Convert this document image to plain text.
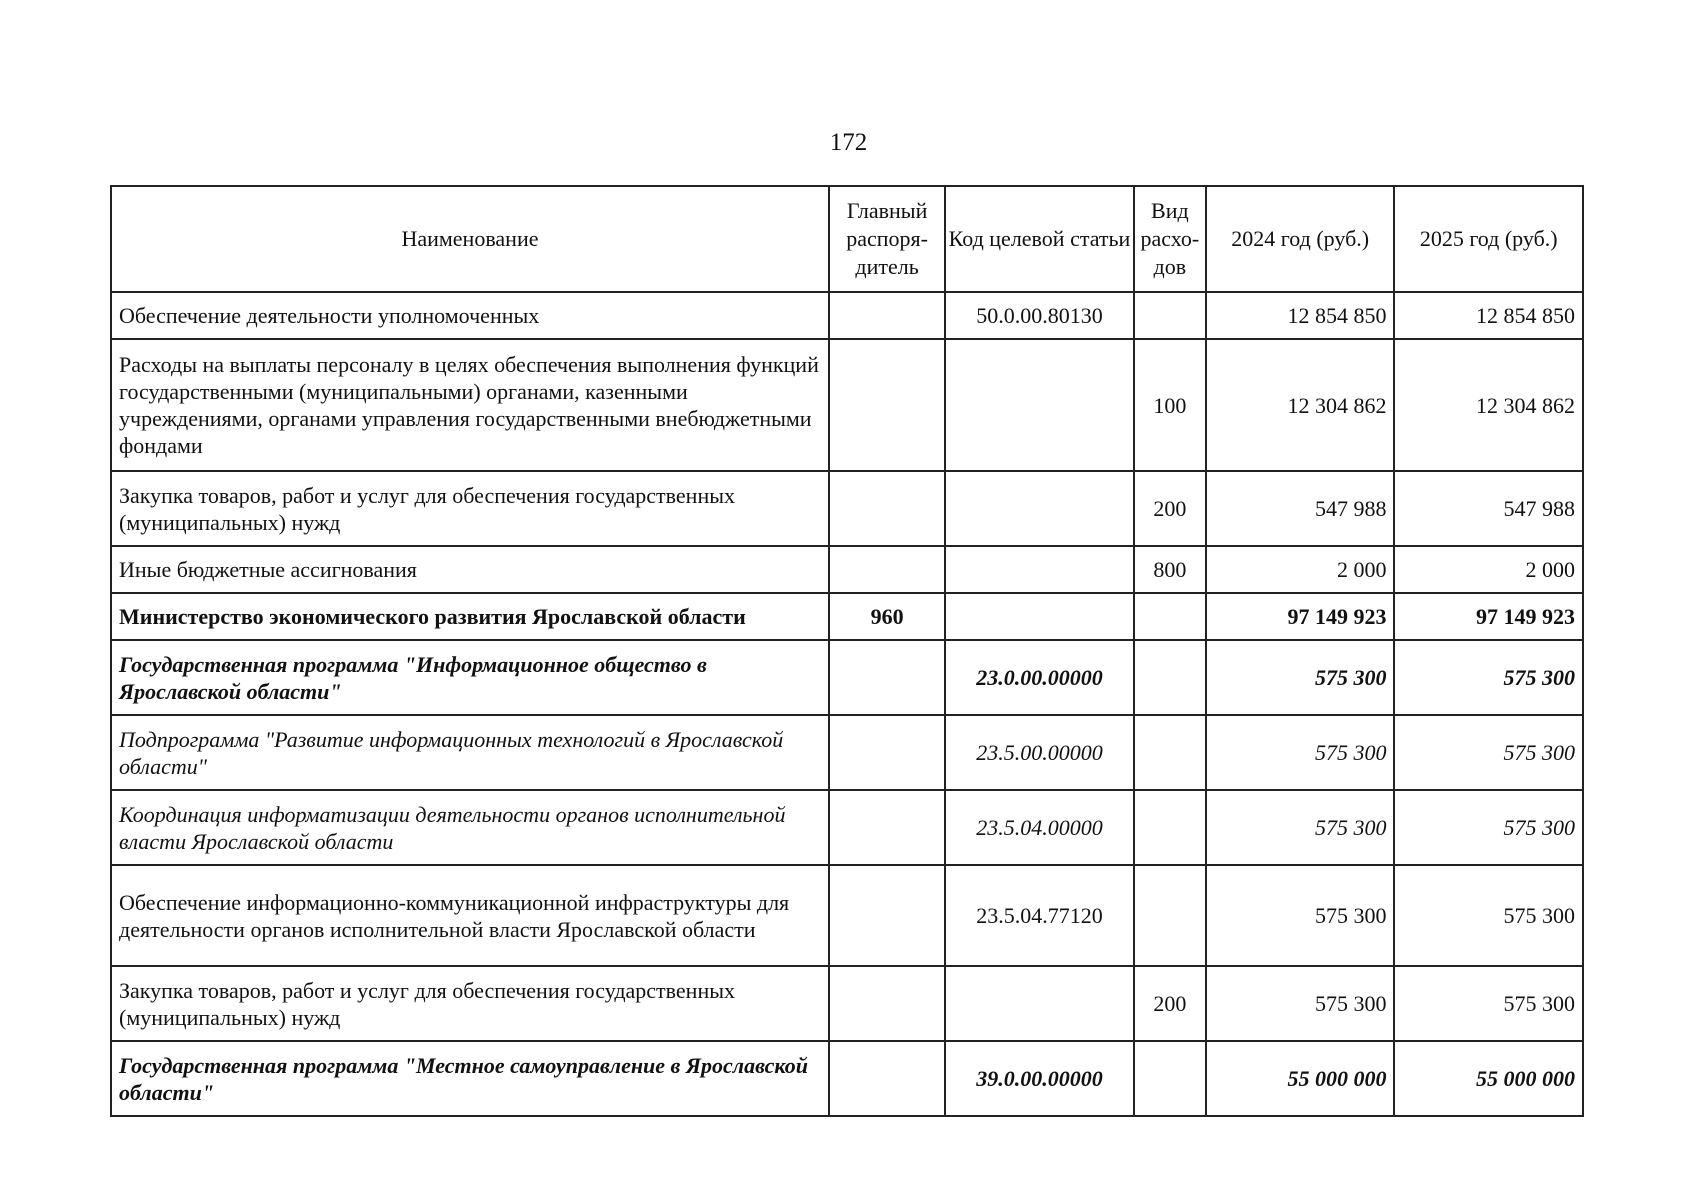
172
Наименование	Главный распоря-дитель	Код целевой статьи	Вид расхо-дов	2024 год (руб.)	2025 год (руб.)
Обеспечение деятельности уполномоченных		50.0.00.80130		12 854 850	12 854 850
Расходы на выплаты персоналу в целях обеспечения выполнения функций государственными (муниципальными) органами, казенными учреждениями, органами управления государственными внебюджетными фондами			100	12 304 862	12 304 862
Закупка товаров, работ и услуг для обеспечения государственных (муниципальных) нужд			200	547 988	547 988
Иные бюджетные ассигнования			800	2 000	2 000
Министерство экономического развития Ярославской области	960			97 149 923	97 149 923
Государственная программа "Информационное общество в Ярославской области"		23.0.00.00000		575 300	575 300
Подпрограмма "Развитие информационных технологий в Ярославской области"		23.5.00.00000		575 300	575 300
Координация информатизации деятельности органов исполнительной власти Ярославской области		23.5.04.00000		575 300	575 300
Обеспечение информационно-коммуникационной инфраструктуры для деятельности органов исполнительной власти Ярославской области		23.5.04.77120		575 300	575 300
Закупка товаров, работ и услуг для обеспечения государственных (муниципальных) нужд			200	575 300	575 300
Государственная программа "Местное самоуправление в Ярославской области"		39.0.00.00000		55 000 000	55 000 000
